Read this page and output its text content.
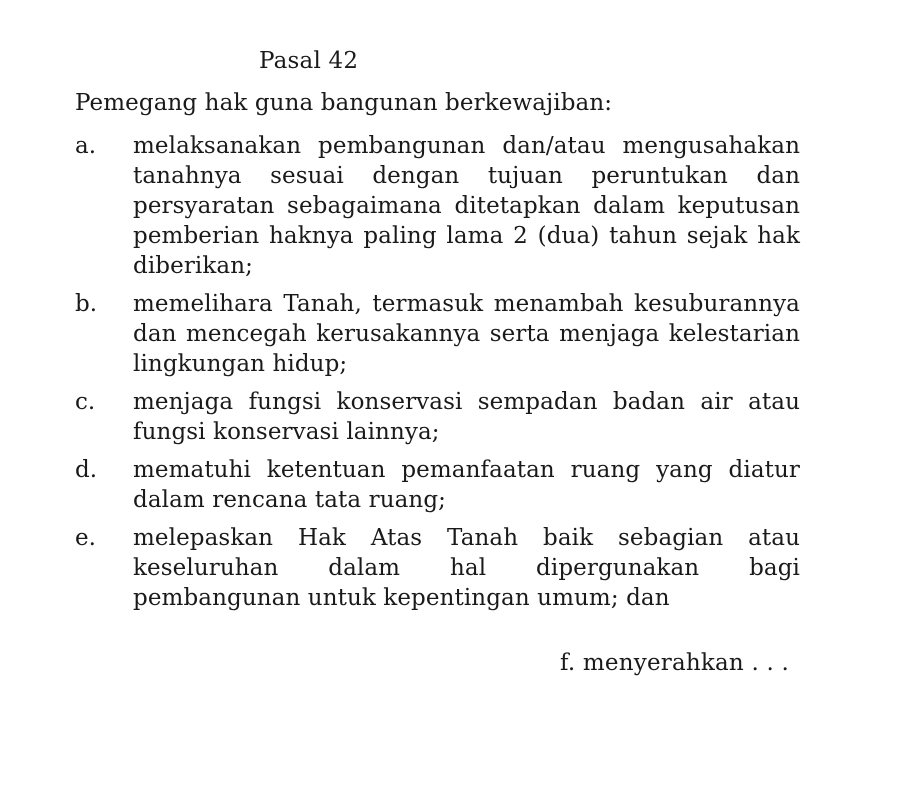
Pasal 42
Pemegang hak guna bangunan berkewajiban:
a.	melaksanakan pembangunan dan/atau mengusahakan tanahnya sesuai dengan tujuan peruntukan dan persyaratan sebagaimana ditetapkan dalam keputusan pemberian haknya paling lama 2 (dua) tahun sejak hak diberikan;
b.	memelihara Tanah, termasuk menambah kesuburannya dan mencegah kerusakannya serta menjaga kelestarian lingkungan hidup;
c.	menjaga fungsi konservasi sempadan badan air atau fungsi konservasi lainnya;
d.	mematuhi ketentuan pemanfaatan ruang yang diatur dalam rencana tata ruang;
e.	melepaskan Hak Atas Tanah baik sebagian atau keseluruhan dalam hal dipergunakan bagi pembangunan untuk kepentingan umum; dan
f. menyerahkan . . .
